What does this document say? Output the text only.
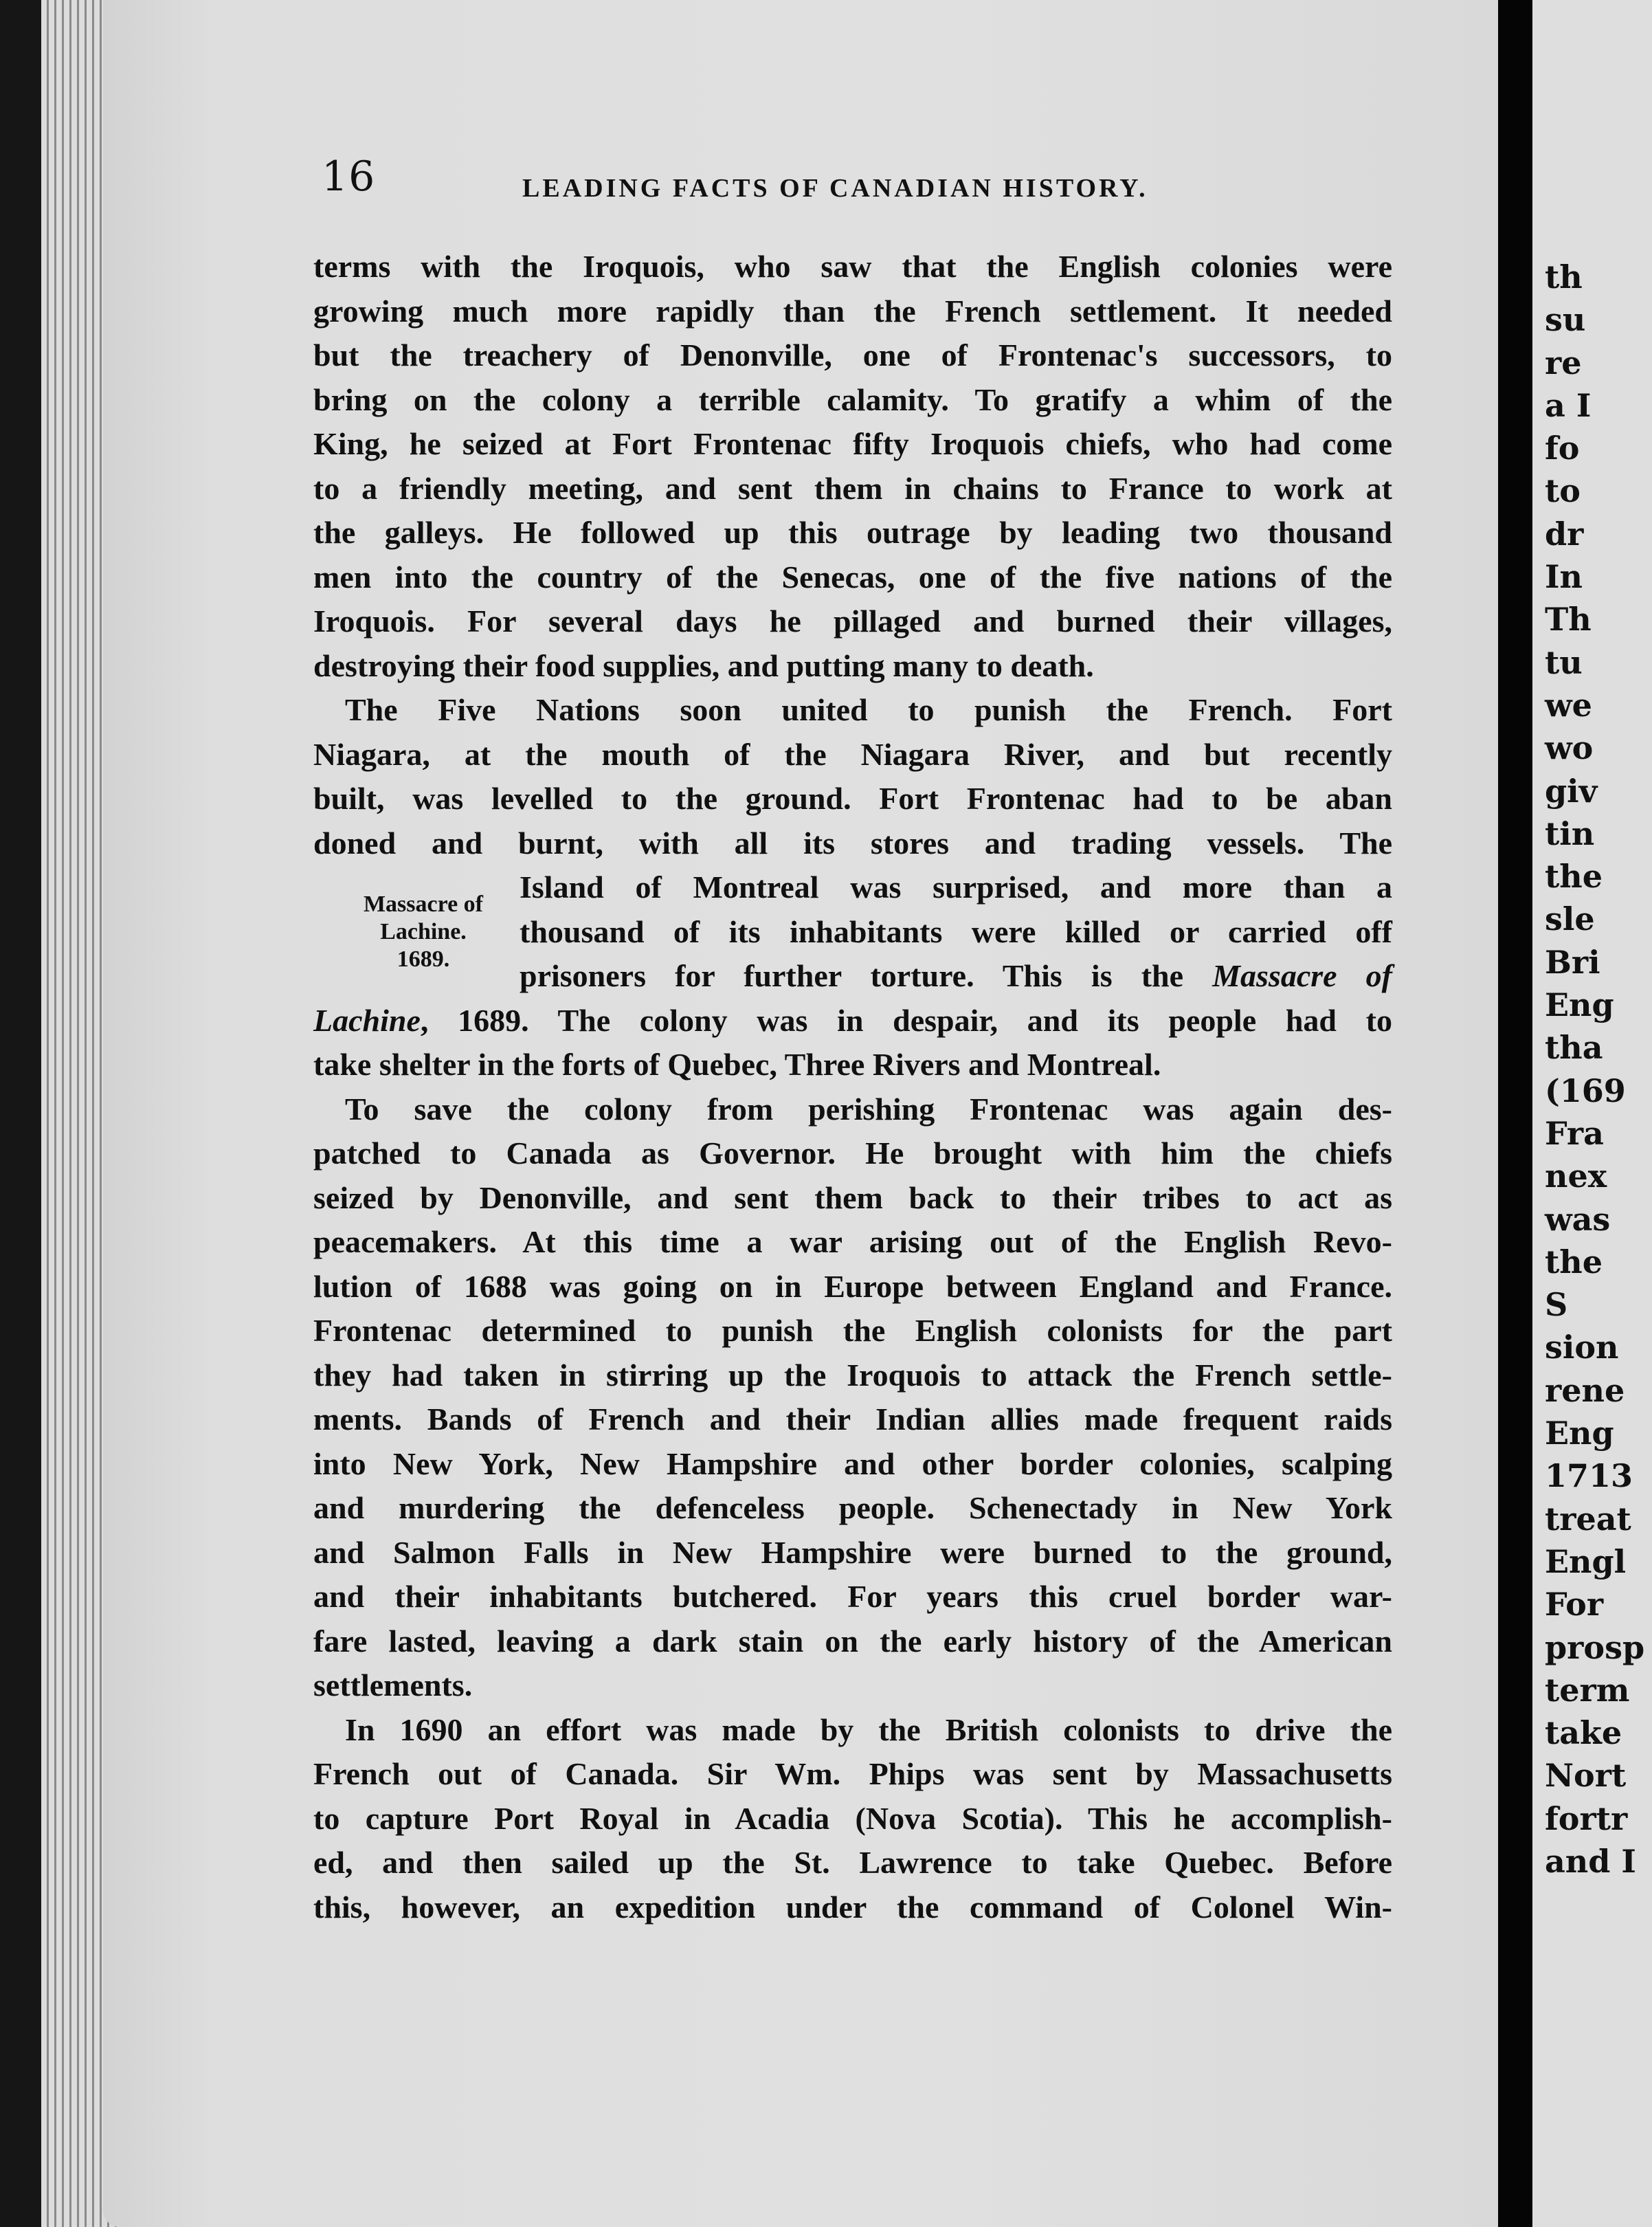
16	LEADING FACTS OF CANADIAN HISTORY.
Massacre of
Lachine.
1689.

terms with the Iroquois, who saw that the English colonies were
growing much more rapidly than the French settlement. It needed
but the treachery of Denonville, one of Frontenac's successors, to
bring on the colony a terrible calamity. To gratify a whim of the
King, he seized at Fort Frontenac fifty Iroquois chiefs, who had come
to a friendly meeting, and sent them in chains to France to work at
the galleys. He followed up this outrage by leading two thousand
men into the country of the Senecas, one of the five nations of the
Iroquois. For several days he pillaged and burned their villages,
destroying their food supplies, and putting many to death.

The Five Nations soon united to punish the French. Fort
Niagara, at the mouth of the Niagara River, and but recently
built, was levelled to the ground. Fort Frontenac had to be aban
doned and burnt, with all its stores and trading vessels. The
Island of Montreal was surprised, and more than a
thousand of its inhabitants were killed or carried off
prisoners for further torture. This is the Massacre of
Lachine, 1689. The colony was in despair, and its people had to
take shelter in the forts of Quebec, Three Rivers and Montreal.

To save the colony from perishing Frontenac was again des-
patched to Canada as Governor. He brought with him the chiefs
seized by Denonville, and sent them back to their tribes to act as
peacemakers. At this time a war arising out of the English Revo-
lution of 1688 was going on in Europe between England and France.
Frontenac determined to punish the English colonists for the part
they had taken in stirring up the Iroquois to attack the French settle-
ments. Bands of French and their Indian allies made frequent raids
into New York, New Hampshire and other border colonies, scalping
and murdering the defenceless people. Schenectady in New York
and Salmon Falls in New Hampshire were burned to the ground,
and their inhabitants butchered. For years this cruel border war-
fare lasted, leaving a dark stain on the early history of the American
settlements.

In 1690 an effort was made by the British colonists to drive the
French out of Canada. Sir Wm. Phips was sent by Massachusetts
to capture Port Royal in Acadia (Nova Scotia). This he accomplish-
ed, and then sailed up the St. Lawrence to take Quebec. Before
this, however, an expedition under the command of Colonel Win-

th
su
re
a I
fo
to
dr
In
Th
tu
we
wo
giv
tin
the
sle
Bri
Eng
tha
(169
Fra
nex
was
the
S
sion
rene
Eng
1713
treat
Engl
For
prosp
term
take
Nort
fortr
and I
